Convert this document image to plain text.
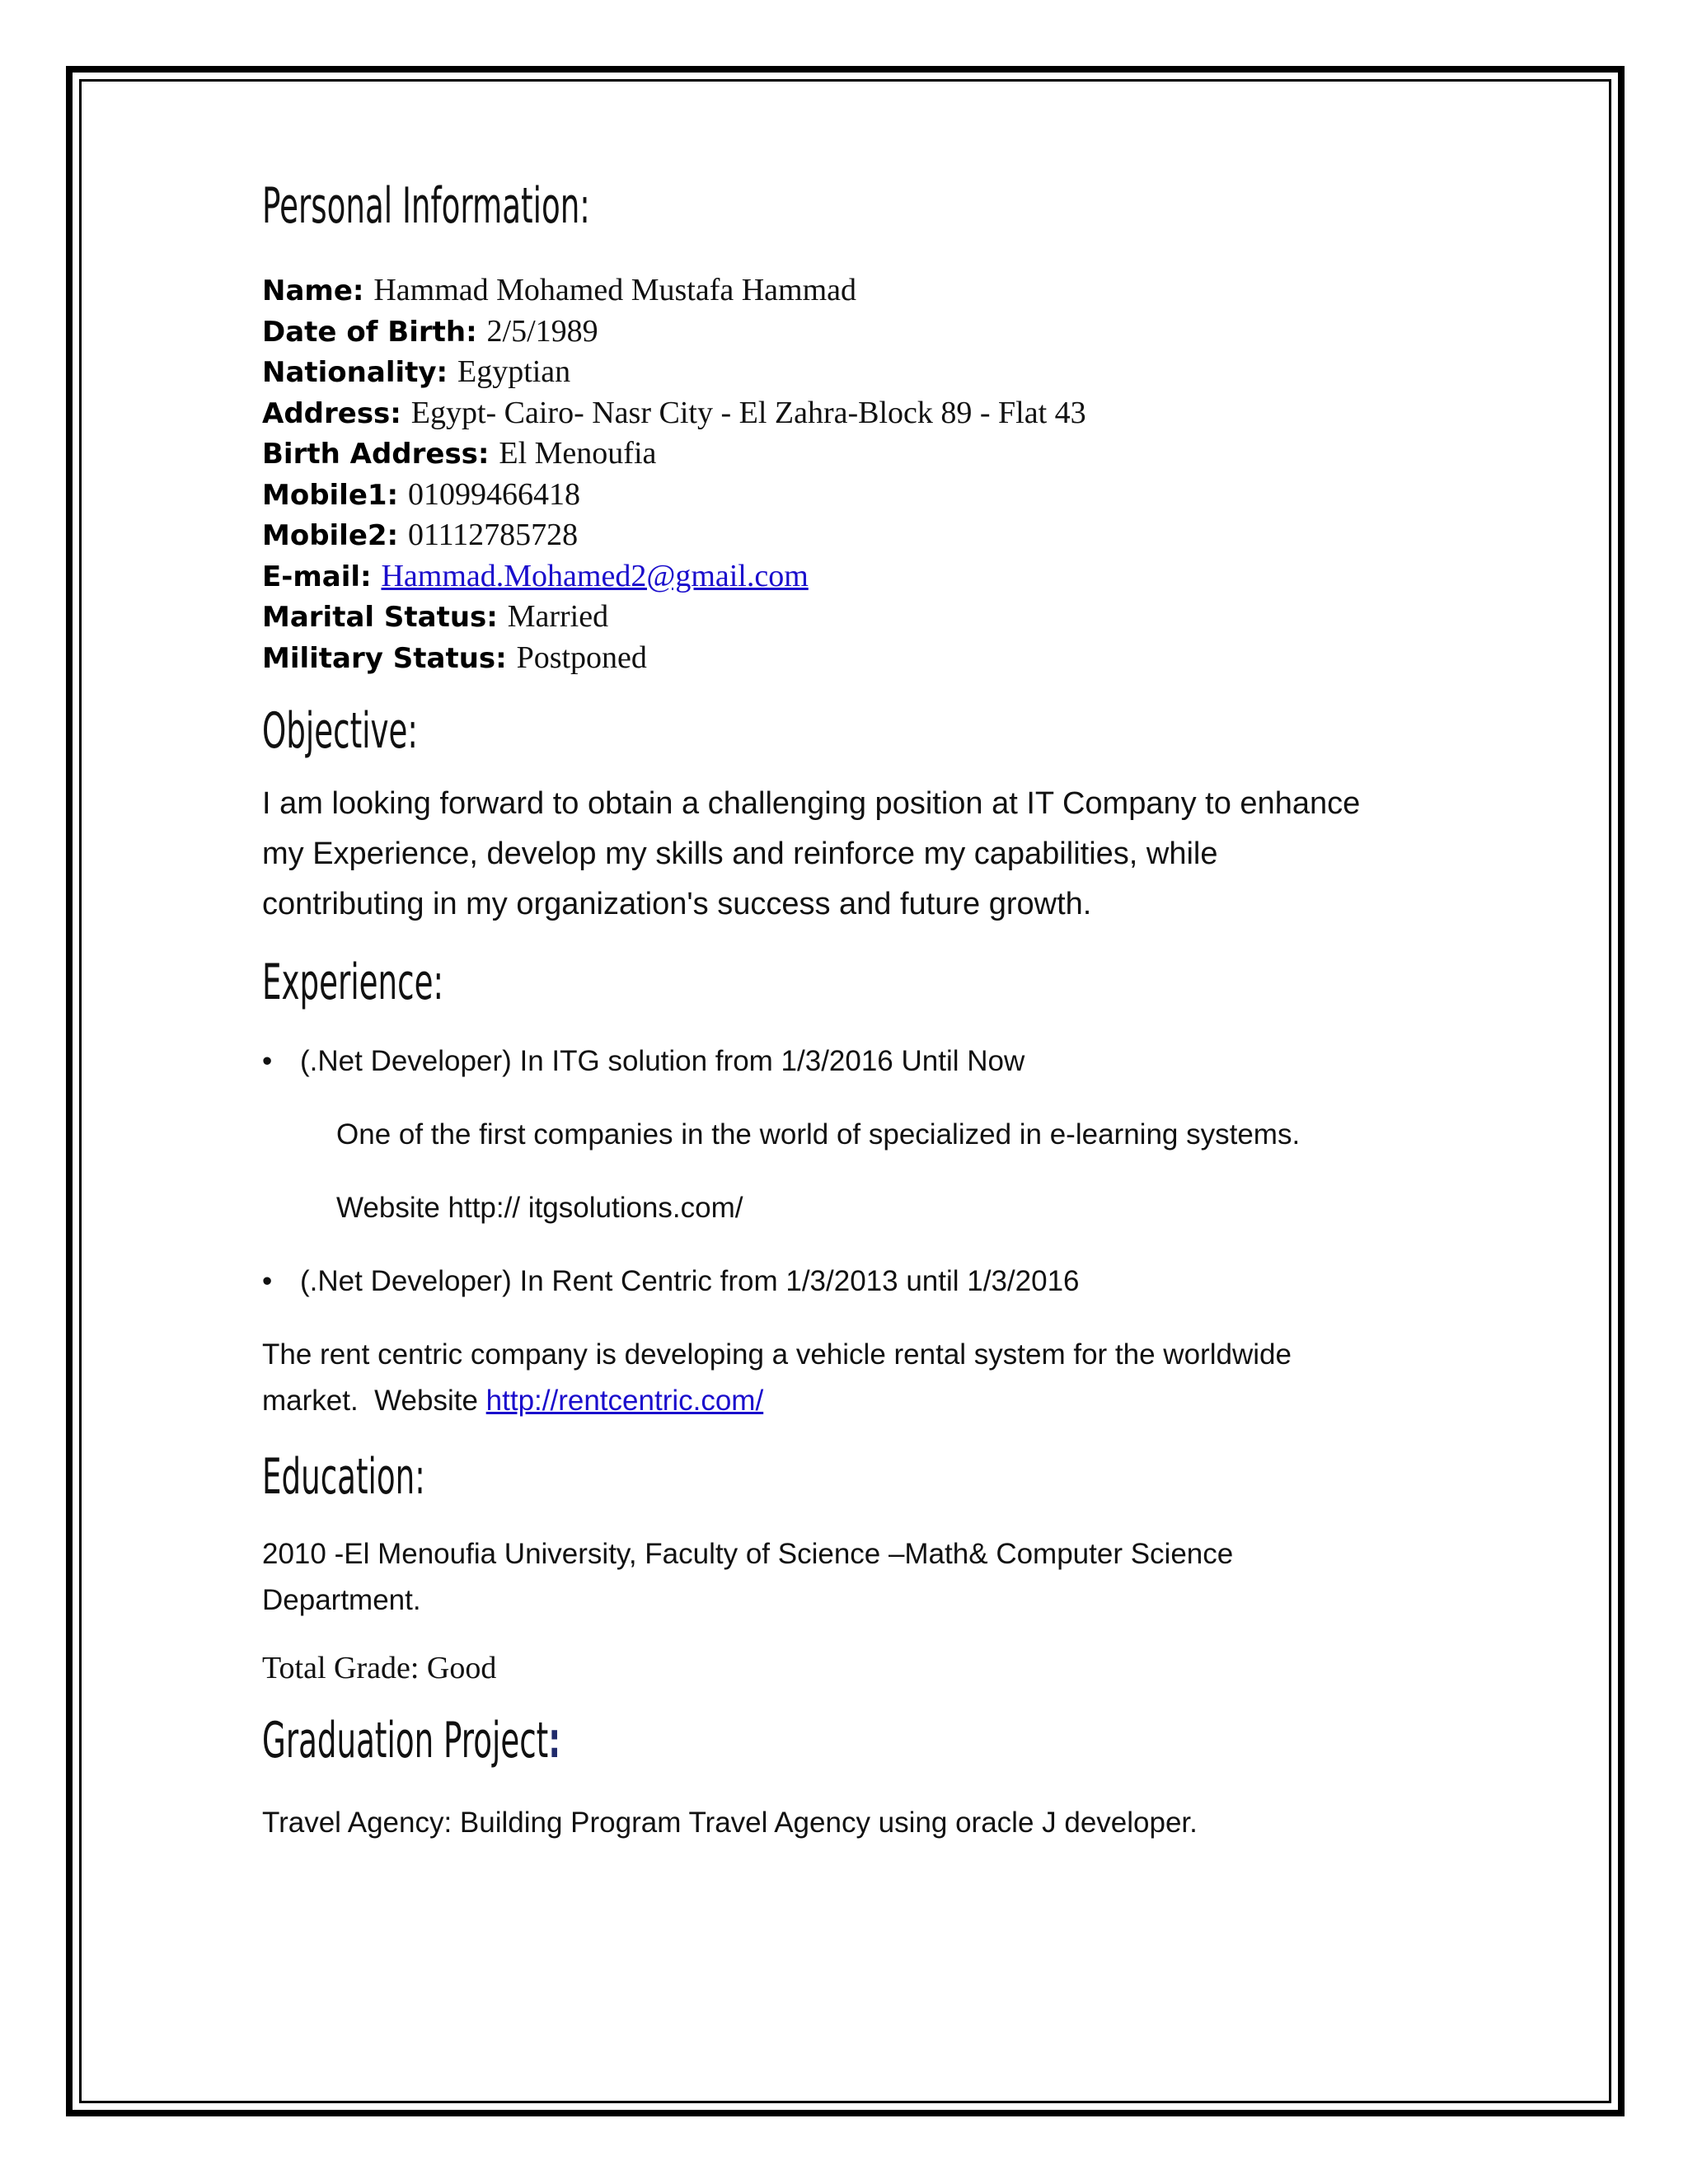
Personal Information:
Name: Hammad Mohamed Mustafa Hammad
Date of Birth: 2/5/1989
Nationality: Egyptian
Address: Egypt- Cairo- Nasr City - El Zahra-Block 89 - Flat 43
Birth Address: El Menoufia
Mobile1: 01099466418
Mobile2: 01112785728
E-mail: Hammad.Mohamed2@gmail.com
Marital Status: Married
Military Status: Postponed
Objective:

I am looking forward to obtain a challenging position at IT Company to enhance

my Experience, develop my skills and reinforce my capabilities, while

contributing in my organization's success and future growth.

Experience:
• (.Net Developer) In ITG solution from 1/3/2016 Until Now

One of the first companies in the world of specialized in e-learning systems.

Website http:// itgsolutions.com/

• (.Net Developer) In Rent Centric from 1/3/2013 until 1/3/2016

The rent centric company is developing a vehicle rental system for the worldwide

market.  Website http://rentcentric.com/

Education:

2010 -El Menoufia University, Faculty of Science –Math& Computer Science

Department.

Total Grade: Good

Graduation Project:

Travel Agency: Building Program Travel Agency using oracle J developer.
